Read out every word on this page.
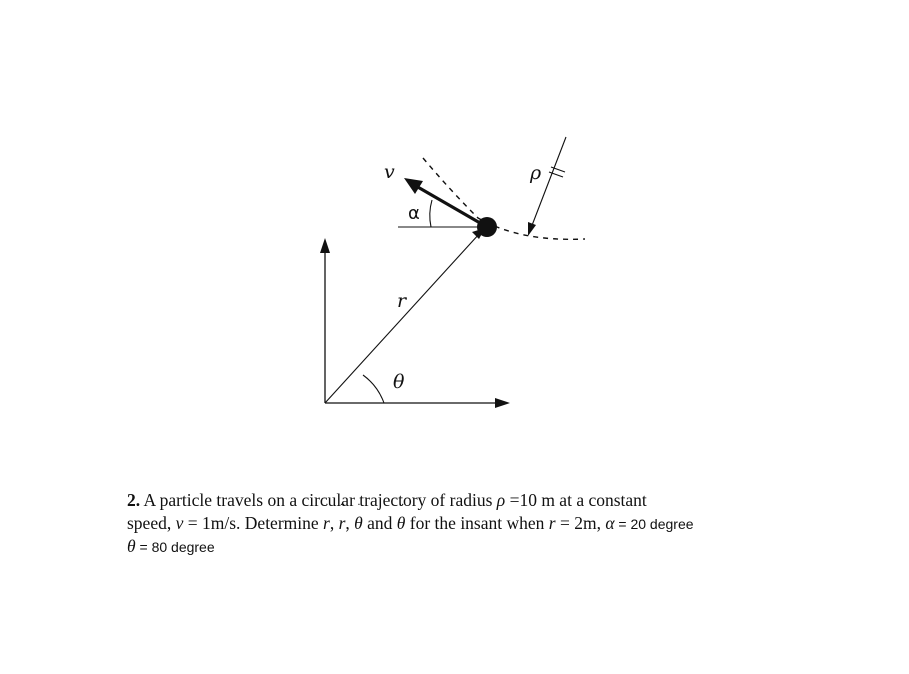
v
α
ρ
r
θ
2. A particle travels on a circular trajectory of radius ρ =10 m at a constant
speed, v = 1m/s. Determine ˙ r, ¨ r, ˙ θ and ¨ θ for the insant when r = 2m, α = 20 degree
θ = 80 degree
